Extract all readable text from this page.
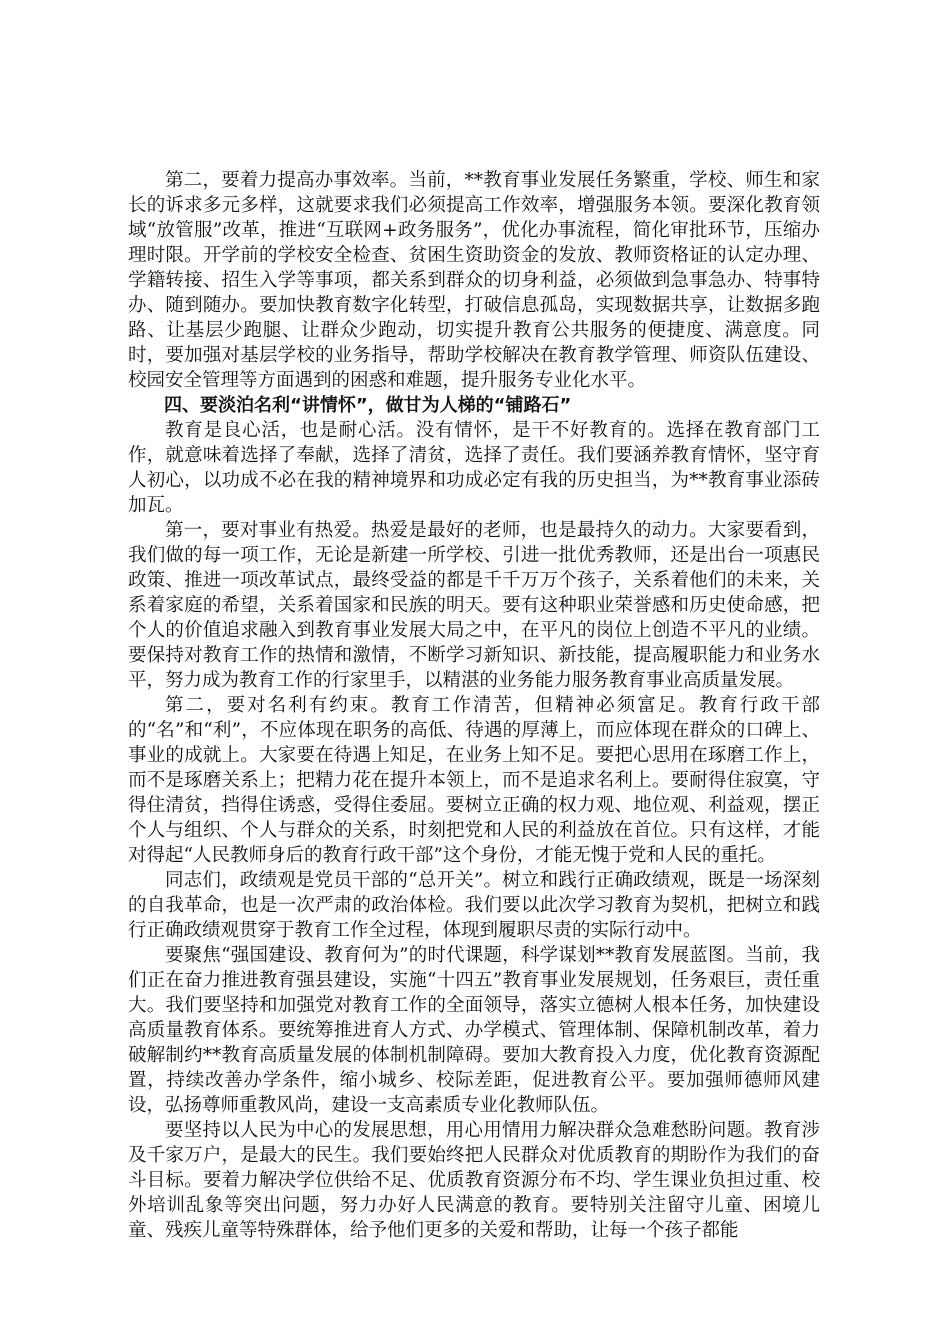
第二，要着力提高办事效率。当前，**教育事业发展任务繁重，学校、师生和家长的诉求多元多样，这就要求我们必须提高工作效率，增强服务本领。要深化教育领域“放管服”改革，推进“互联网+政务服务”，优化办事流程，简化审批环节，压缩办理时限。开学前的学校安全检查、贫困生资助资金的发放、教师资格证的认定办理、学籍转接、招生入学等事项，都关系到群众的切身利益，必须做到急事急办、特事特办、随到随办。要加快教育数字化转型，打破信息孤岛，实现数据共享，让数据多跑路、让基层少跑腿、让群众少跑动，切实提升教育公共服务的便捷度、满意度。同时，要加强对基层学校的业务指导，帮助学校解决在教育教学管理、师资队伍建设、校园安全管理等方面遇到的困惑和难题，提升服务专业化水平。

四、要淡泊名利“讲情怀”，做甘为人梯的“铺路石”

教育是良心活，也是耐心活。没有情怀，是干不好教育的。选择在教育部门工作，就意味着选择了奉献，选择了清贫，选择了责任。我们要涵养教育情怀，坚守育人初心，以功成不必在我的精神境界和功成必定有我的历史担当，为**教育事业添砖加瓦。

第一，要对事业有热爱。热爱是最好的老师，也是最持久的动力。大家要看到，我们做的每一项工作，无论是新建一所学校、引进一批优秀教师，还是出台一项惠民政策、推进一项改革试点，最终受益的都是千千万万个孩子，关系着他们的未来，关系着家庭的希望，关系着国家和民族的明天。要有这种职业荣誉感和历史使命感，把个人的价值追求融入到教育事业发展大局之中，在平凡的岗位上创造不平凡的业绩。要保持对教育工作的热情和激情，不断学习新知识、新技能，提高履职能力和业务水平，努力成为教育工作的行家里手，以精湛的业务能力服务教育事业高质量发展。

第二，要对名利有约束。教育工作清苦，但精神必须富足。教育行政干部的“名”和“利”，不应体现在职务的高低、待遇的厚薄上，而应体现在群众的口碑上、事业的成就上。大家要在待遇上知足，在业务上知不足。要把心思用在琢磨工作上，而不是琢磨关系上；把精力花在提升本领上，而不是追求名利上。要耐得住寂寞，守得住清贫，挡得住诱惑，受得住委屈。要树立正确的权力观、地位观、利益观，摆正个人与组织、个人与群众的关系，时刻把党和人民的利益放在首位。只有这样，才能对得起“人民教师身后的教育行政干部”这个身份，才能无愧于党和人民的重托。

同志们，政绩观是党员干部的“总开关”。树立和践行正确政绩观，既是一场深刻的自我革命，也是一次严肃的政治体检。我们要以此次学习教育为契机，把树立和践行正确政绩观贯穿于教育工作全过程，体现到履职尽责的实际行动中。

要聚焦“强国建设、教育何为”的时代课题，科学谋划**教育发展蓝图。当前，我们正在奋力推进教育强县建设，实施“十四五”教育事业发展规划，任务艰巨，责任重大。我们要坚持和加强党对教育工作的全面领导，落实立德树人根本任务，加快建设高质量教育体系。要统筹推进育人方式、办学模式、管理体制、保障机制改革，着力破解制约**教育高质量发展的体制机制障碍。要加大教育投入力度，优化教育资源配置，持续改善办学条件，缩小城乡、校际差距，促进教育公平。要加强师德师风建设，弘扬尊师重教风尚，建设一支高素质专业化教师队伍。

要坚持以人民为中心的发展思想，用心用情用力解决群众急难愁盼问题。教育涉及千家万户，是最大的民生。我们要始终把人民群众对优质教育的期盼作为我们的奋斗目标。要着力解决学位供给不足、优质教育资源分布不均、学生课业负担过重、校外培训乱象等突出问题，努力办好人民满意的教育。要特别关注留守儿童、困境儿童、残疾儿童等特殊群体，给予他们更多的关爱和帮助，让每一个孩子都能
